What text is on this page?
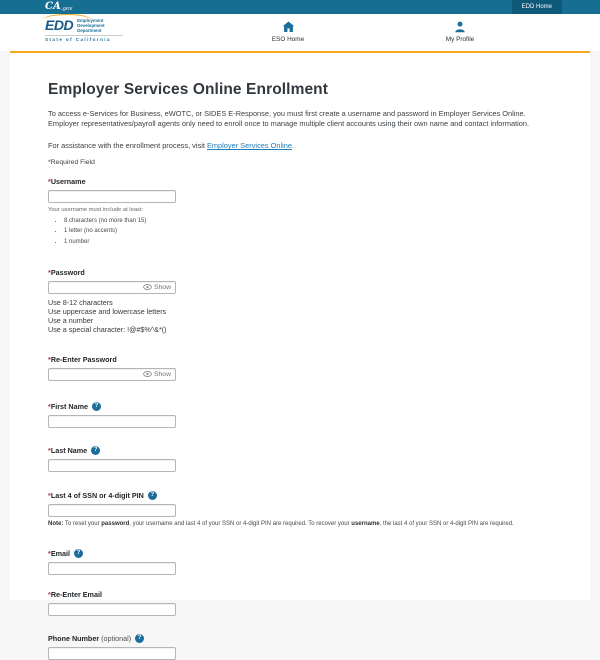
CA.gov	EDD Home
EDD Employment
Development
Department
State of California	ESO Home	My Profile
Employer Services Online Enrollment

To access e-Services for Business, eWOTC, or SIDES E-Response, you must first create a username and password in Employer Services Online. Employer representatives/payroll agents only need to enroll once to manage multiple client accounts using their own name and contact information.

For assistance with the enrollment process, visit Employer Services Online.

*Required Field
*Username
Your username must include at least:
• 8 characters (no more than 15)
• 1 letter (no accents)
• 1 number
*Password
Show
Use 8-12 characters
Use uppercase and lowercase letters
Use a number
Use a special character: !@#$%^&*()
*Re-Enter Password
Show
*First Name	?
*Last Name	?
*Last 4 of SSN or 4-digit PIN	?
Note: To reset your password, your username and last 4 of your SSN or 4-digit PIN are required. To recover your username, the last 4 of your SSN or 4-digit PIN are required.
*Email	?
*Re-Enter Email
Phone Number (optional)	?
